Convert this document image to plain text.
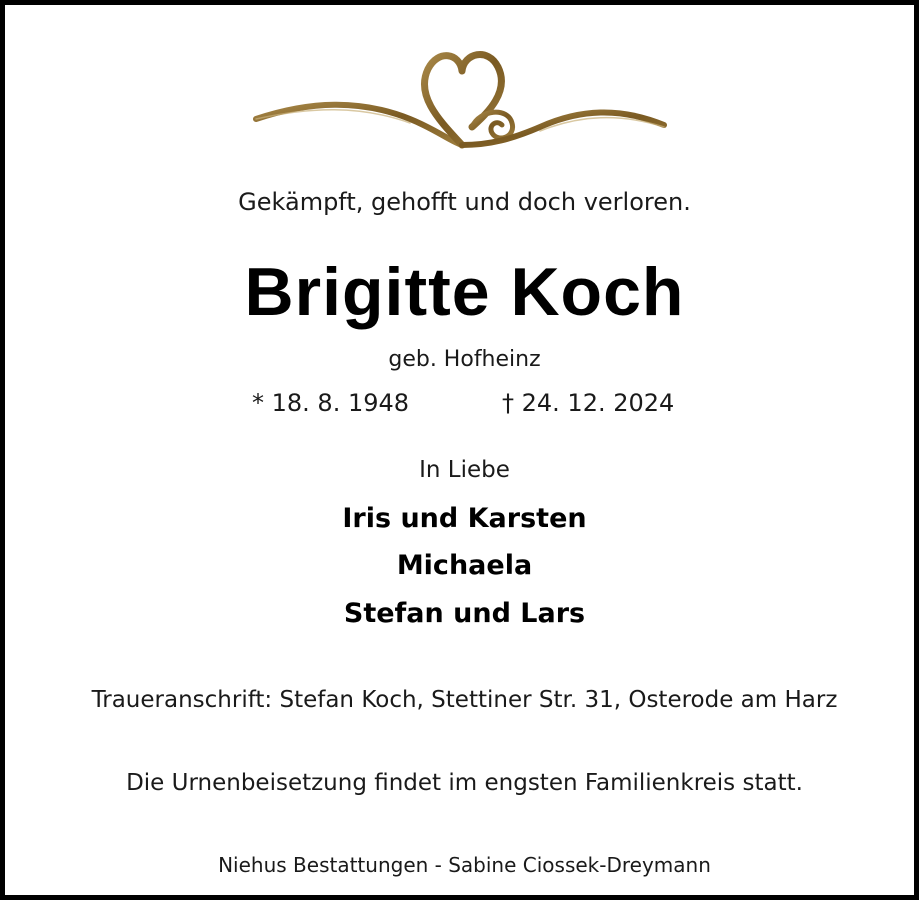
Gekämpft, gehofft und doch verloren.
Brigitte Koch
geb. Hofheinz
* 18. 8. 1948	† 24. 12. 2024
In Liebe
Iris und Karsten
Michaela
Stefan und Lars
Traueranschrift: Stefan Koch, Stettiner Str. 31, Osterode am Harz
Die Urnenbeisetzung findet im engsten Familienkreis statt.
Niehus Bestattungen - Sabine Ciossek-Dreymann
